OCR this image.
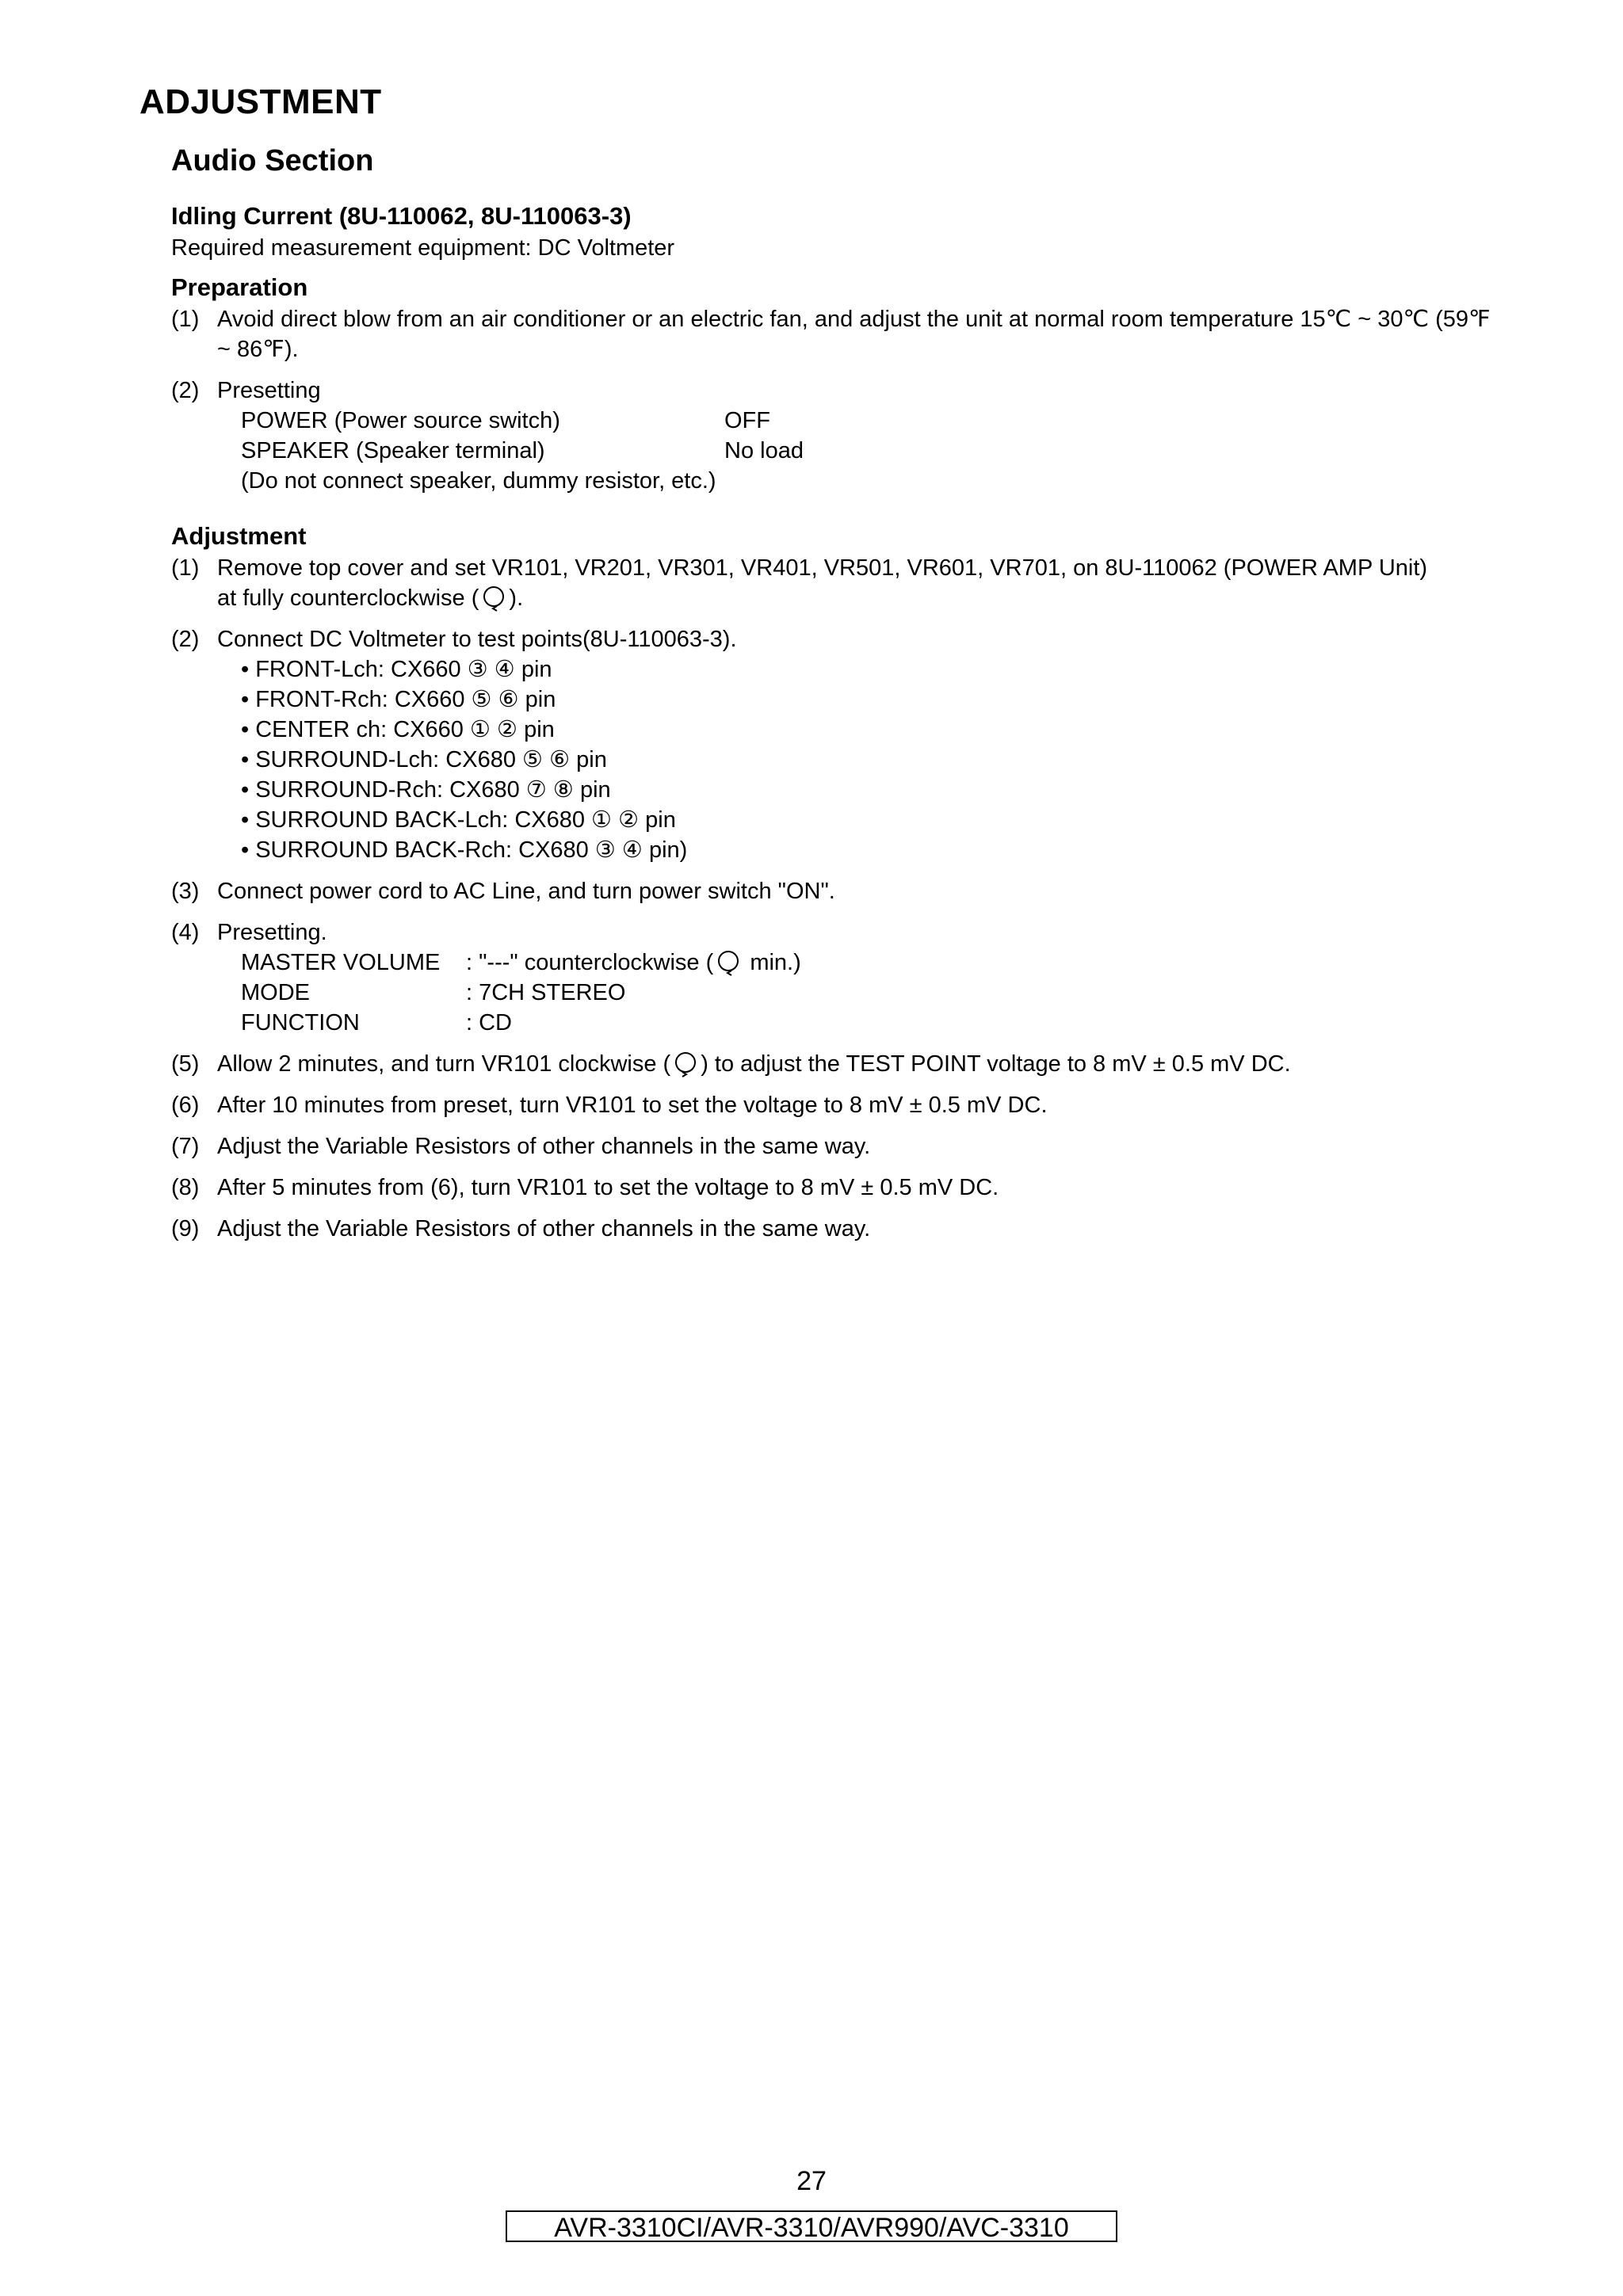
ADJUSTMENT
Audio Section
Idling Current (8U-110062, 8U-110063-3)

Required measurement equipment: DC Voltmeter

Preparation
(1) Avoid direct blow from an air conditioner or an electric fan, and adjust the unit at normal room temperature 15℃ ~ 30℃ (59℉ ~ 86℉).
(2) Presetting
POWER (Power source switch)	OFF
SPEAKER (Speaker terminal)	No load
(Do not connect speaker, dummy resistor, etc.)
Adjustment
(1) Remove top cover and set VR101, VR201, VR301, VR401, VR501, VR601, VR701, on 8U-110062 (POWER AMP Unit)
at fully counterclockwise ( ).
(2) Connect DC Voltmeter to test points(8U-110063-3).
• FRONT-Lch: CX660 ③ ④ pin
• FRONT-Rch: CX660 ⑤ ⑥ pin
• CENTER ch: CX660 ① ② pin
• SURROUND-Lch: CX680 ⑤ ⑥ pin
• SURROUND-Rch: CX680 ⑦ ⑧ pin
• SURROUND BACK-Lch: CX680 ① ② pin
• SURROUND BACK-Rch: CX680 ③ ④ pin)
(3) Connect power cord to AC Line, and turn power switch "ON".
(4) Presetting.
MASTER VOLUME	: "---" counterclockwise (
min.)
MODE	: 7CH STEREO
FUNCTION	: CD
(5) Allow 2 minutes, and turn VR101 clockwise ( ) to adjust the TEST POINT voltage to 8 mV ± 0.5 mV DC.
(6) After 10 minutes from preset, turn VR101 to set the voltage to 8 mV ± 0.5 mV DC.
(7) Adjust the Variable Resistors of other channels in the same way.
(8) After 5 minutes from (6), turn VR101 to set the voltage to 8 mV ± 0.5 mV DC.
(9) Adjust the Variable Resistors of other channels in the same way.
27
AVR-3310CI/AVR-3310/AVR990/AVC-3310
